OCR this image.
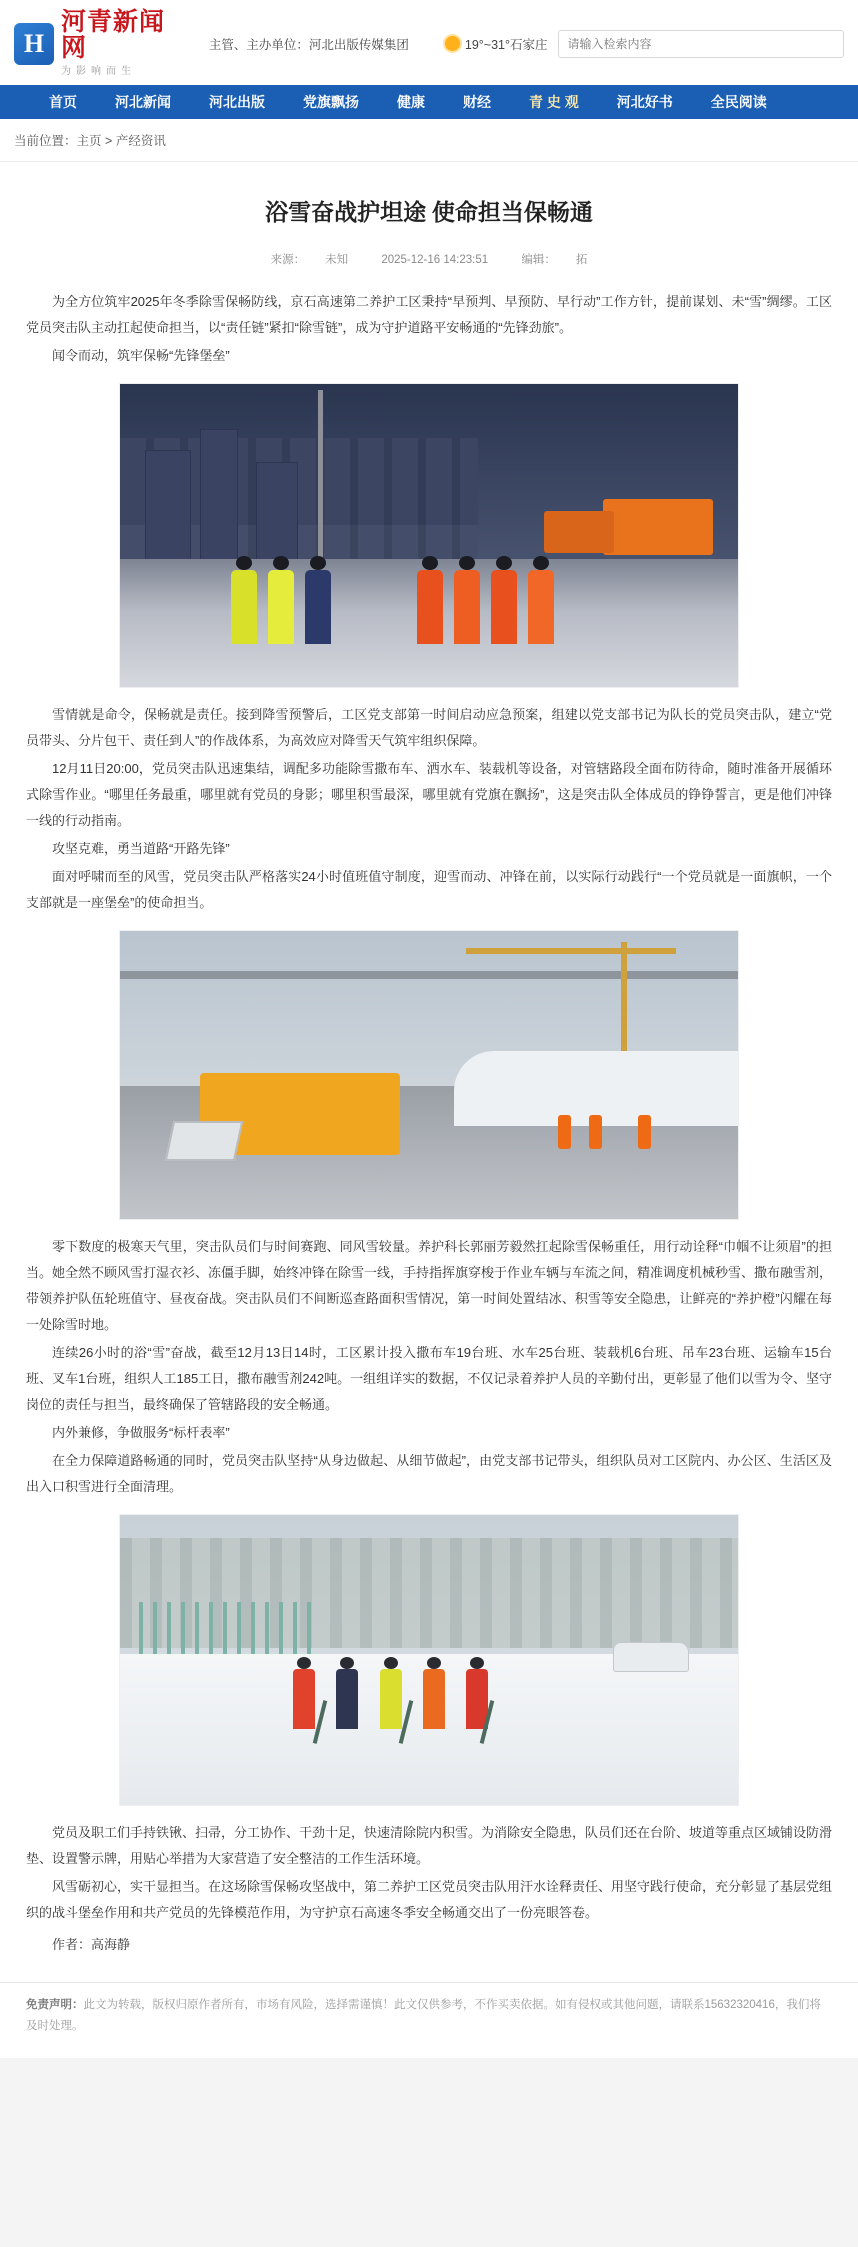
H
河青新闻网
为影响而生
主管、主办单位：河北出版传媒集团	19°~31°石家庄
请输入检索内容
首页	河北新闻	河北出版	党旗飘扬	健康	财经	青 史 观	河北好书	全民阅读
当前位置：主页 > 产经资讯
浴雪奋战护坦途 使命担当保畅通
来源： 未知	2025-12-16 14:23:51	编辑： 拓

为全方位筑牢2025年冬季除雪保畅防线，京石高速第二养护工区秉持“早预判、早预防、早行动”工作方针，提前谋划、未“雪”绸缪。工区党员突击队主动扛起使命担当，以“责任链”紧扣“除雪链”，成为守护道路平安畅通的“先锋劲旅”。

闻令而动，筑牢保畅“先锋堡垒”

雪情就是命令，保畅就是责任。接到降雪预警后，工区党支部第一时间启动应急预案，组建以党支部书记为队长的党员突击队，建立“党员带头、分片包干、责任到人”的作战体系，为高效应对降雪天气筑牢组织保障。

12月11日20:00，党员突击队迅速集结，调配多功能除雪撒布车、洒水车、装载机等设备，对管辖路段全面布防待命，随时准备开展循环式除雪作业。“哪里任务最重，哪里就有党员的身影；哪里积雪最深，哪里就有党旗在飘扬”，这是突击队全体成员的铮铮誓言，更是他们冲锋一线的行动指南。

攻坚克难，勇当道路“开路先锋”

面对呼啸而至的风雪，党员突击队严格落实24小时值班值守制度，迎雪而动、冲锋在前，以实际行动践行“一个党员就是一面旗帜，一个支部就是一座堡垒”的使命担当。

零下数度的极寒天气里，突击队员们与时间赛跑、同风雪较量。养护科长郭丽芳毅然扛起除雪保畅重任，用行动诠释“巾帼不让须眉”的担当。她全然不顾风雪打湿衣衫、冻僵手脚，始终冲锋在除雪一线，手持指挥旗穿梭于作业车辆与车流之间，精准调度机械秒雪、撒布融雪剂，带领养护队伍轮班值守、昼夜奋战。突击队员们不间断巡查路面积雪情况，第一时间处置结冰、积雪等安全隐患，让鲜亮的“养护橙”闪耀在每一处除雪时地。

连续26小时的浴“雪”奋战，截至12月13日14时，工区累计投入撒布车19台班、水车25台班、装载机6台班、吊车23台班、运输车15台班、叉车1台班，组织人工185工日，撒布融雪剂242吨。一组组详实的数据，不仅记录着养护人员的辛勤付出，更彰显了他们以雪为令、坚守岗位的责任与担当，最终确保了管辖路段的安全畅通。

内外兼修，争做服务“标杆表率”

在全力保障道路畅通的同时，党员突击队坚持“从身边做起、从细节做起”，由党支部书记带头，组织队员对工区院内、办公区、生活区及出入口积雪进行全面清理。

党员及职工们手持铁锹、扫帚，分工协作、干劲十足，快速清除院内积雪。为消除安全隐患，队员们还在台阶、坡道等重点区域铺设防滑垫、设置警示牌，用贴心举措为大家营造了安全整洁的工作生活环境。

风雪砺初心，实干显担当。在这场除雪保畅攻坚战中，第二养护工区党员突击队用汗水诠释责任、用坚守践行使命，充分彰显了基层党组织的战斗堡垒作用和共产党员的先锋模范作用，为守护京石高速冬季安全畅通交出了一份亮眼答卷。

作者：高海静
免责声明：此文为转载，版权归原作者所有，市场有风险，选择需谨慎！此文仅供参考，不作买卖依据。如有侵权或其他问题，请联系15632320416，我们将及时处理。
